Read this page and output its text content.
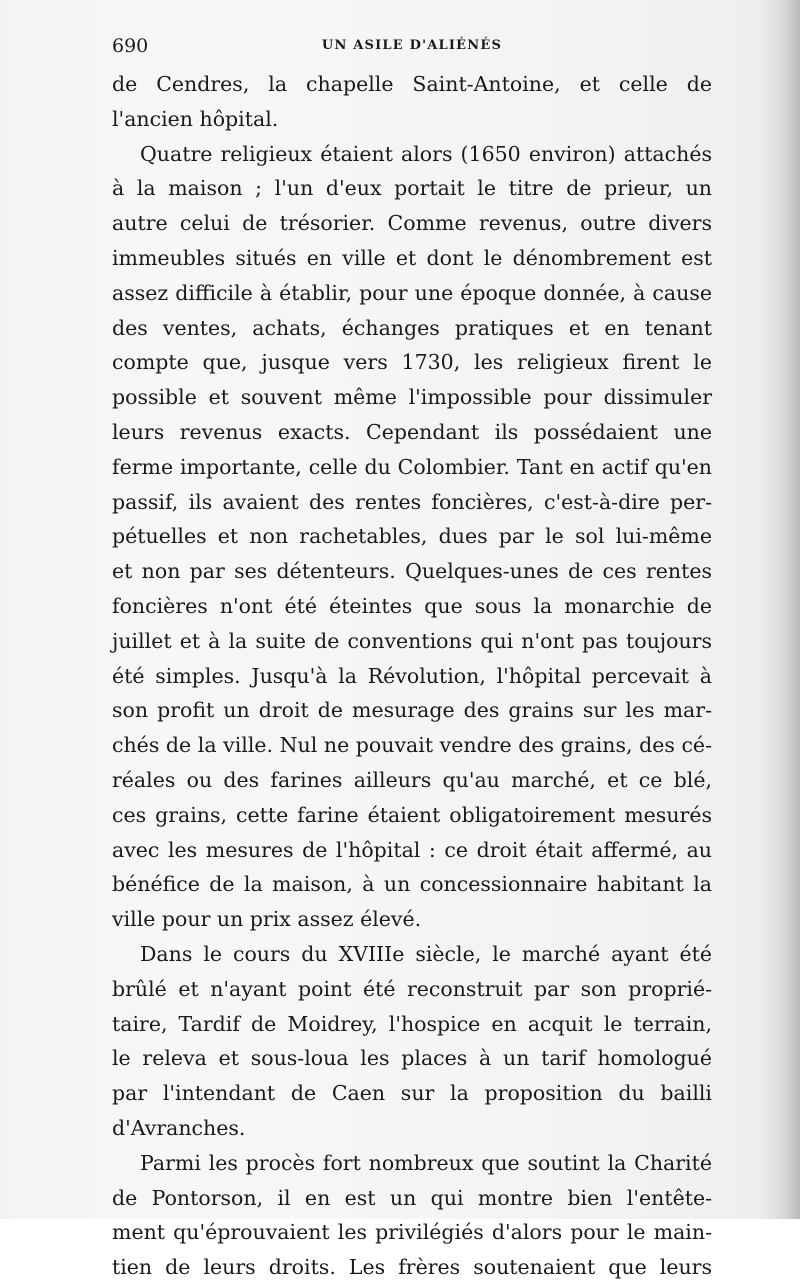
690	UN ASILE D'ALIÉNÉS
de Cendres, la chapelle Saint-Antoine, et celle de
l'ancien hôpital.
Quatre religieux étaient alors (1650 environ) attachés
à la maison ; l'un d'eux portait le titre de prieur, un
autre celui de trésorier. Comme revenus, outre divers
immeubles situés en ville et dont le dénombrement est
assez difficile à établir, pour une époque donnée, à cause
des ventes, achats, échanges pratiques et en tenant
compte que, jusque vers 1730, les religieux firent le
possible et souvent même l'impossible pour dissimuler
leurs revenus exacts. Cependant ils possédaient une
ferme importante, celle du Colombier. Tant en actif qu'en
passif, ils avaient des rentes foncières, c'est-à-dire per-
pétuelles et non rachetables, dues par le sol lui-même
et non par ses détenteurs. Quelques-unes de ces rentes
foncières n'ont été éteintes que sous la monarchie de
juillet et à la suite de conventions qui n'ont pas toujours
été simples. Jusqu'à la Révolution, l'hôpital percevait à
son profit un droit de mesurage des grains sur les mar-
chés de la ville. Nul ne pouvait vendre des grains, des cé-
réales ou des farines ailleurs qu'au marché, et ce blé,
ces grains, cette farine étaient obligatoirement mesurés
avec les mesures de l'hôpital : ce droit était affermé, au
bénéfice de la maison, à un concessionnaire habitant la
ville pour un prix assez élevé.
Dans le cours du XVIIIe siècle, le marché ayant été
brûlé et n'ayant point été reconstruit par son proprié-
taire, Tardif de Moidrey, l'hospice en acquit le terrain,
le releva et sous-loua les places à un tarif homologué
par l'intendant de Caen sur la proposition du bailli
d'Avranches.
Parmi les procès fort nombreux que soutint la Charité
de Pontorson, il en est un qui montre bien l'entête-
ment qu'éprouvaient les privilégiés d'alors pour le main-
tien de leurs droits. Les frères soutenaient que leurs
